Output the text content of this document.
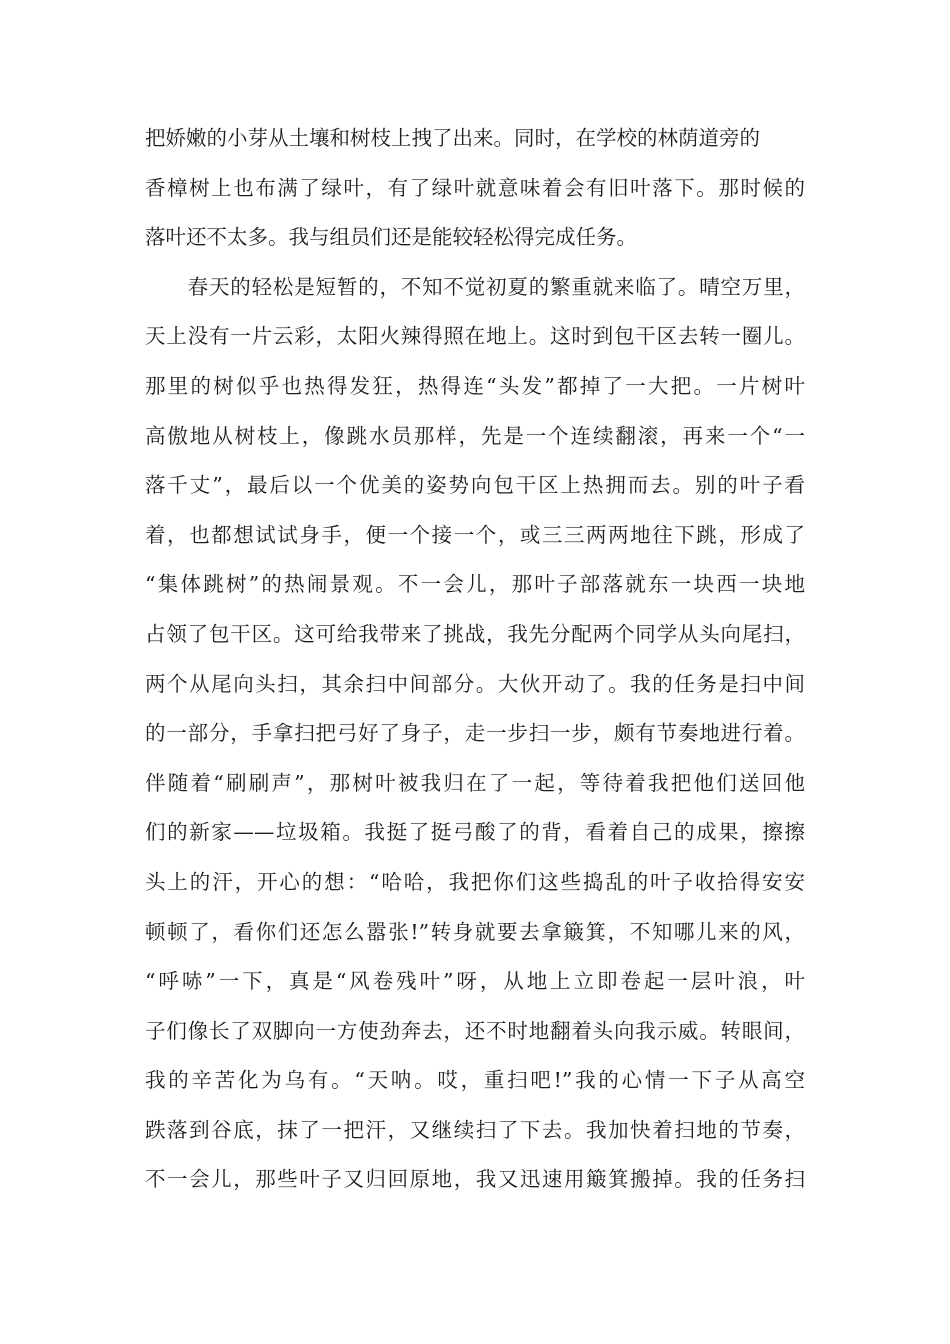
把娇嫩的小芽从土壤和树枝上拽了出来。同时，在学校的林荫道旁的
香樟树上也布满了绿叶，有了绿叶就意味着会有旧叶落下。那时候的
落叶还不太多。我与组员们还是能较轻松得完成任务。
　　春天的轻松是短暂的，不知不觉初夏的繁重就来临了。晴空万里，
天上没有一片云彩，太阳火辣得照在地上。这时到包干区去转一圈儿。
那里的树似乎也热得发狂，热得连“头发”都掉了一大把。一片树叶
高傲地从树枝上，像跳水员那样，先是一个连续翻滚，再来一个“一
落千丈”，最后以一个优美的姿势向包干区上热拥而去。别的叶子看
着，也都想试试身手，便一个接一个，或三三两两地往下跳，形成了
“集体跳树”的热闹景观。不一会儿，那叶子部落就东一块西一块地
占领了包干区。这可给我带来了挑战，我先分配两个同学从头向尾扫，
两个从尾向头扫，其余扫中间部分。大伙开动了。我的任务是扫中间
的一部分，手拿扫把弓好了身子，走一步扫一步，颇有节奏地进行着。
伴随着“刷刷声”，那树叶被我归在了一起，等待着我把他们送回他
们的新家——垃圾箱。我挺了挺弓酸了的背，看着自己的成果，擦擦
头上的汗，开心的想：“哈哈，我把你们这些捣乱的叶子收拾得安安
顿顿了，看你们还怎么嚣张!”转身就要去拿簸箕，不知哪儿来的风，
“呼哧”一下，真是“风卷残叶”呀，从地上立即卷起一层叶浪，叶
子们像长了双脚向一方使劲奔去，还不时地翻着头向我示威。转眼间，
我的辛苦化为乌有。“天呐。哎，重扫吧!”我的心情一下子从高空
跌落到谷底，抹了一把汗，又继续扫了下去。我加快着扫地的节奏，
不一会儿，那些叶子又归回原地，我又迅速用簸箕搬掉。我的任务扫
